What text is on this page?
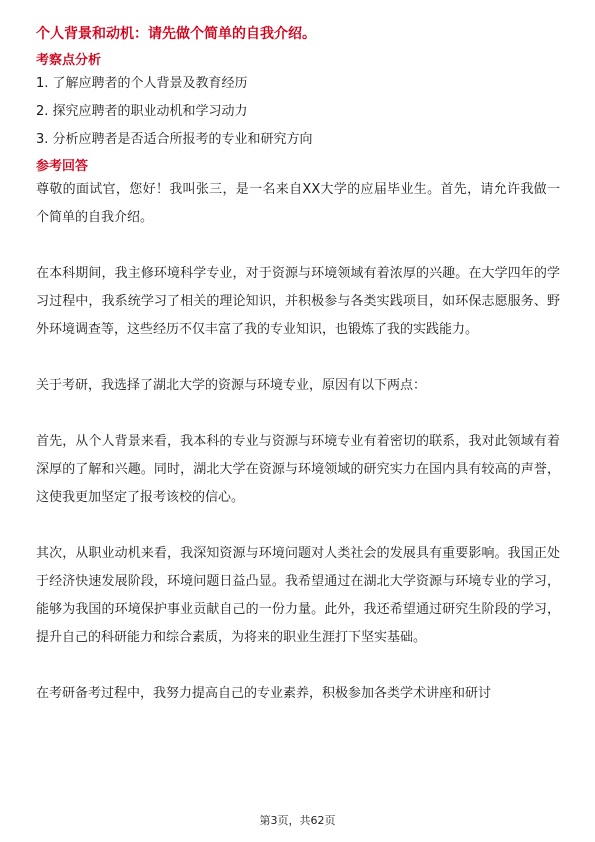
个人背景和动机：请先做个简单的自我介绍。

考察点分析

1. 了解应聘者的个人背景及教育经历
2. 探究应聘者的职业动机和学习动力
3. 分析应聘者是否适合所报考的专业和研究方向

参考回答

尊敬的面试官，您好！我叫张三，是一名来自XX大学的应届毕业生。首先，请允许我做一个简单的自我介绍。

在本科期间，我主修环境科学专业，对于资源与环境领域有着浓厚的兴趣。在大学四年的学习过程中，我系统学习了相关的理论知识，并积极参与各类实践项目，如环保志愿服务、野外环境调查等，这些经历不仅丰富了我的专业知识，也锻炼了我的实践能力。

关于考研，我选择了湖北大学的资源与环境专业，原因有以下两点：

首先，从个人背景来看，我本科的专业与资源与环境专业有着密切的联系，我对此领域有着深厚的了解和兴趣。同时，湖北大学在资源与环境领域的研究实力在国内具有较高的声誉，这使我更加坚定了报考该校的信心。

其次，从职业动机来看，我深知资源与环境问题对人类社会的发展具有重要影响。我国正处于经济快速发展阶段，环境问题日益凸显。我希望通过在湖北大学资源与环境专业的学习，能够为我国的环境保护事业贡献自己的一份力量。此外，我还希望通过研究生阶段的学习，提升自己的科研能力和综合素质，为将来的职业生涯打下坚实基础。

在考研备考过程中，我努力提高自己的专业素养，积极参加各类学术讲座和研讨

第3页，共62页
